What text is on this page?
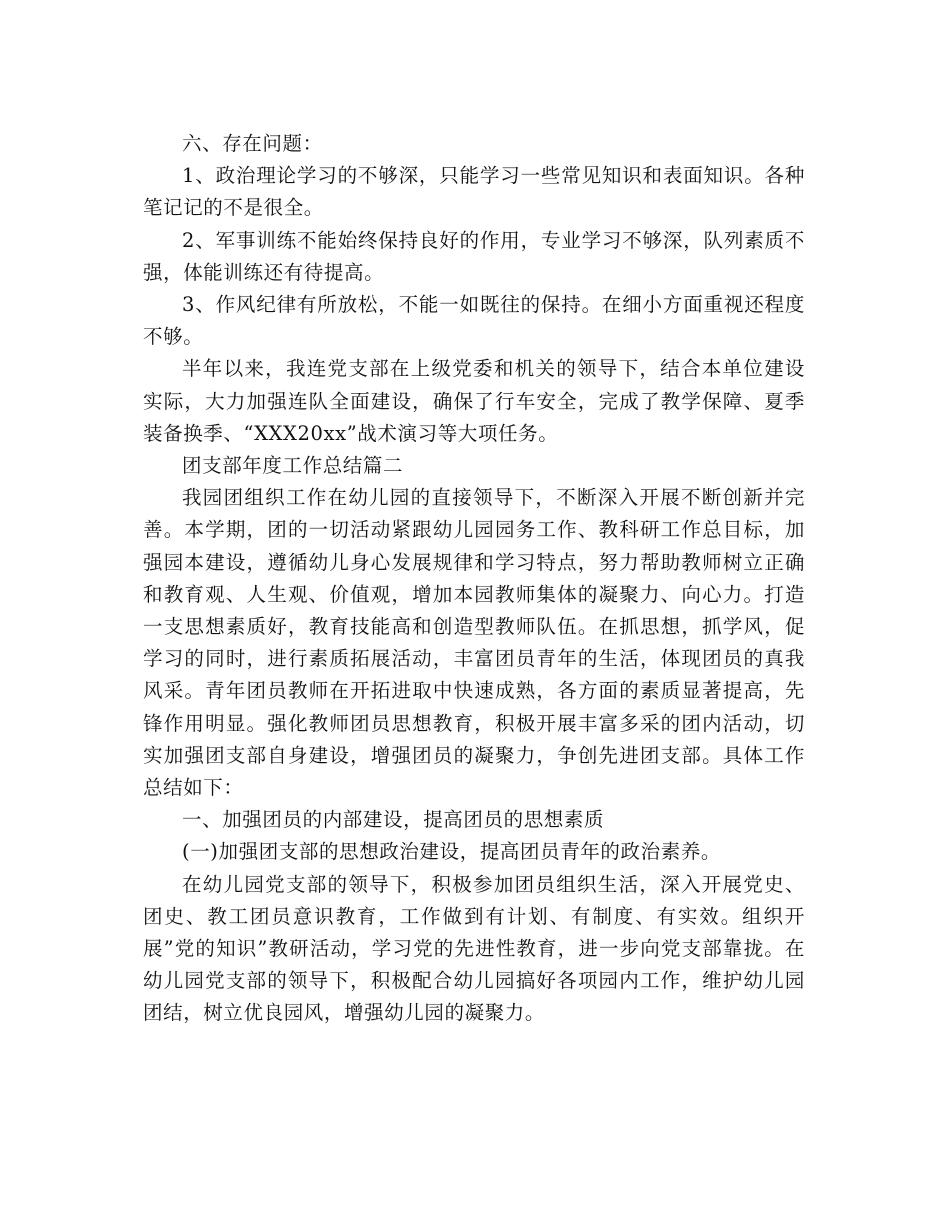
六、存在问题：

1、政治理论学习的不够深，只能学习一些常见知识和表面知识。各种笔记记的不是很全。

2、军事训练不能始终保持良好的作用，专业学习不够深，队列素质不强，体能训练还有待提高。

3、作风纪律有所放松，不能一如既往的保持。在细小方面重视还程度不够。

半年以来，我连党支部在上级党委和机关的领导下，结合本单位建设实际，大力加强连队全面建设，确保了行车安全，完成了教学保障、夏季装备换季、“XXX20xx”战术演习等大项任务。

团支部年度工作总结篇二

我园团组织工作在幼儿园的直接领导下，不断深入开展不断创新并完善。本学期，团的一切活动紧跟幼儿园园务工作、教科研工作总目标，加强园本建设，遵循幼儿身心发展规律和学习特点，努力帮助教师树立正确和教育观、人生观、价值观，增加本园教师集体的凝聚力、向心力。打造一支思想素质好，教育技能高和创造型教师队伍。在抓思想，抓学风，促学习的同时，进行素质拓展活动，丰富团员青年的生活，体现团员的真我风采。青年团员教师在开拓进取中快速成熟，各方面的素质显著提高，先锋作用明显。强化教师团员思想教育，积极开展丰富多采的团内活动，切实加强团支部自身建设，增强团员的凝聚力，争创先进团支部。具体工作总结如下：

一、加强团员的内部建设，提高团员的思想素质

(一)加强团支部的思想政治建设，提高团员青年的政治素养。

在幼儿园党支部的领导下，积极参加团员组织生活，深入开展党史、团史、教工团员意识教育，工作做到有计划、有制度、有实效。组织开展”党的知识”教研活动，学习党的先进性教育，进一步向党支部靠拢。在幼儿园党支部的领导下，积极配合幼儿园搞好各项园内工作，维护幼儿园团结，树立优良园风，增强幼儿园的凝聚力。
